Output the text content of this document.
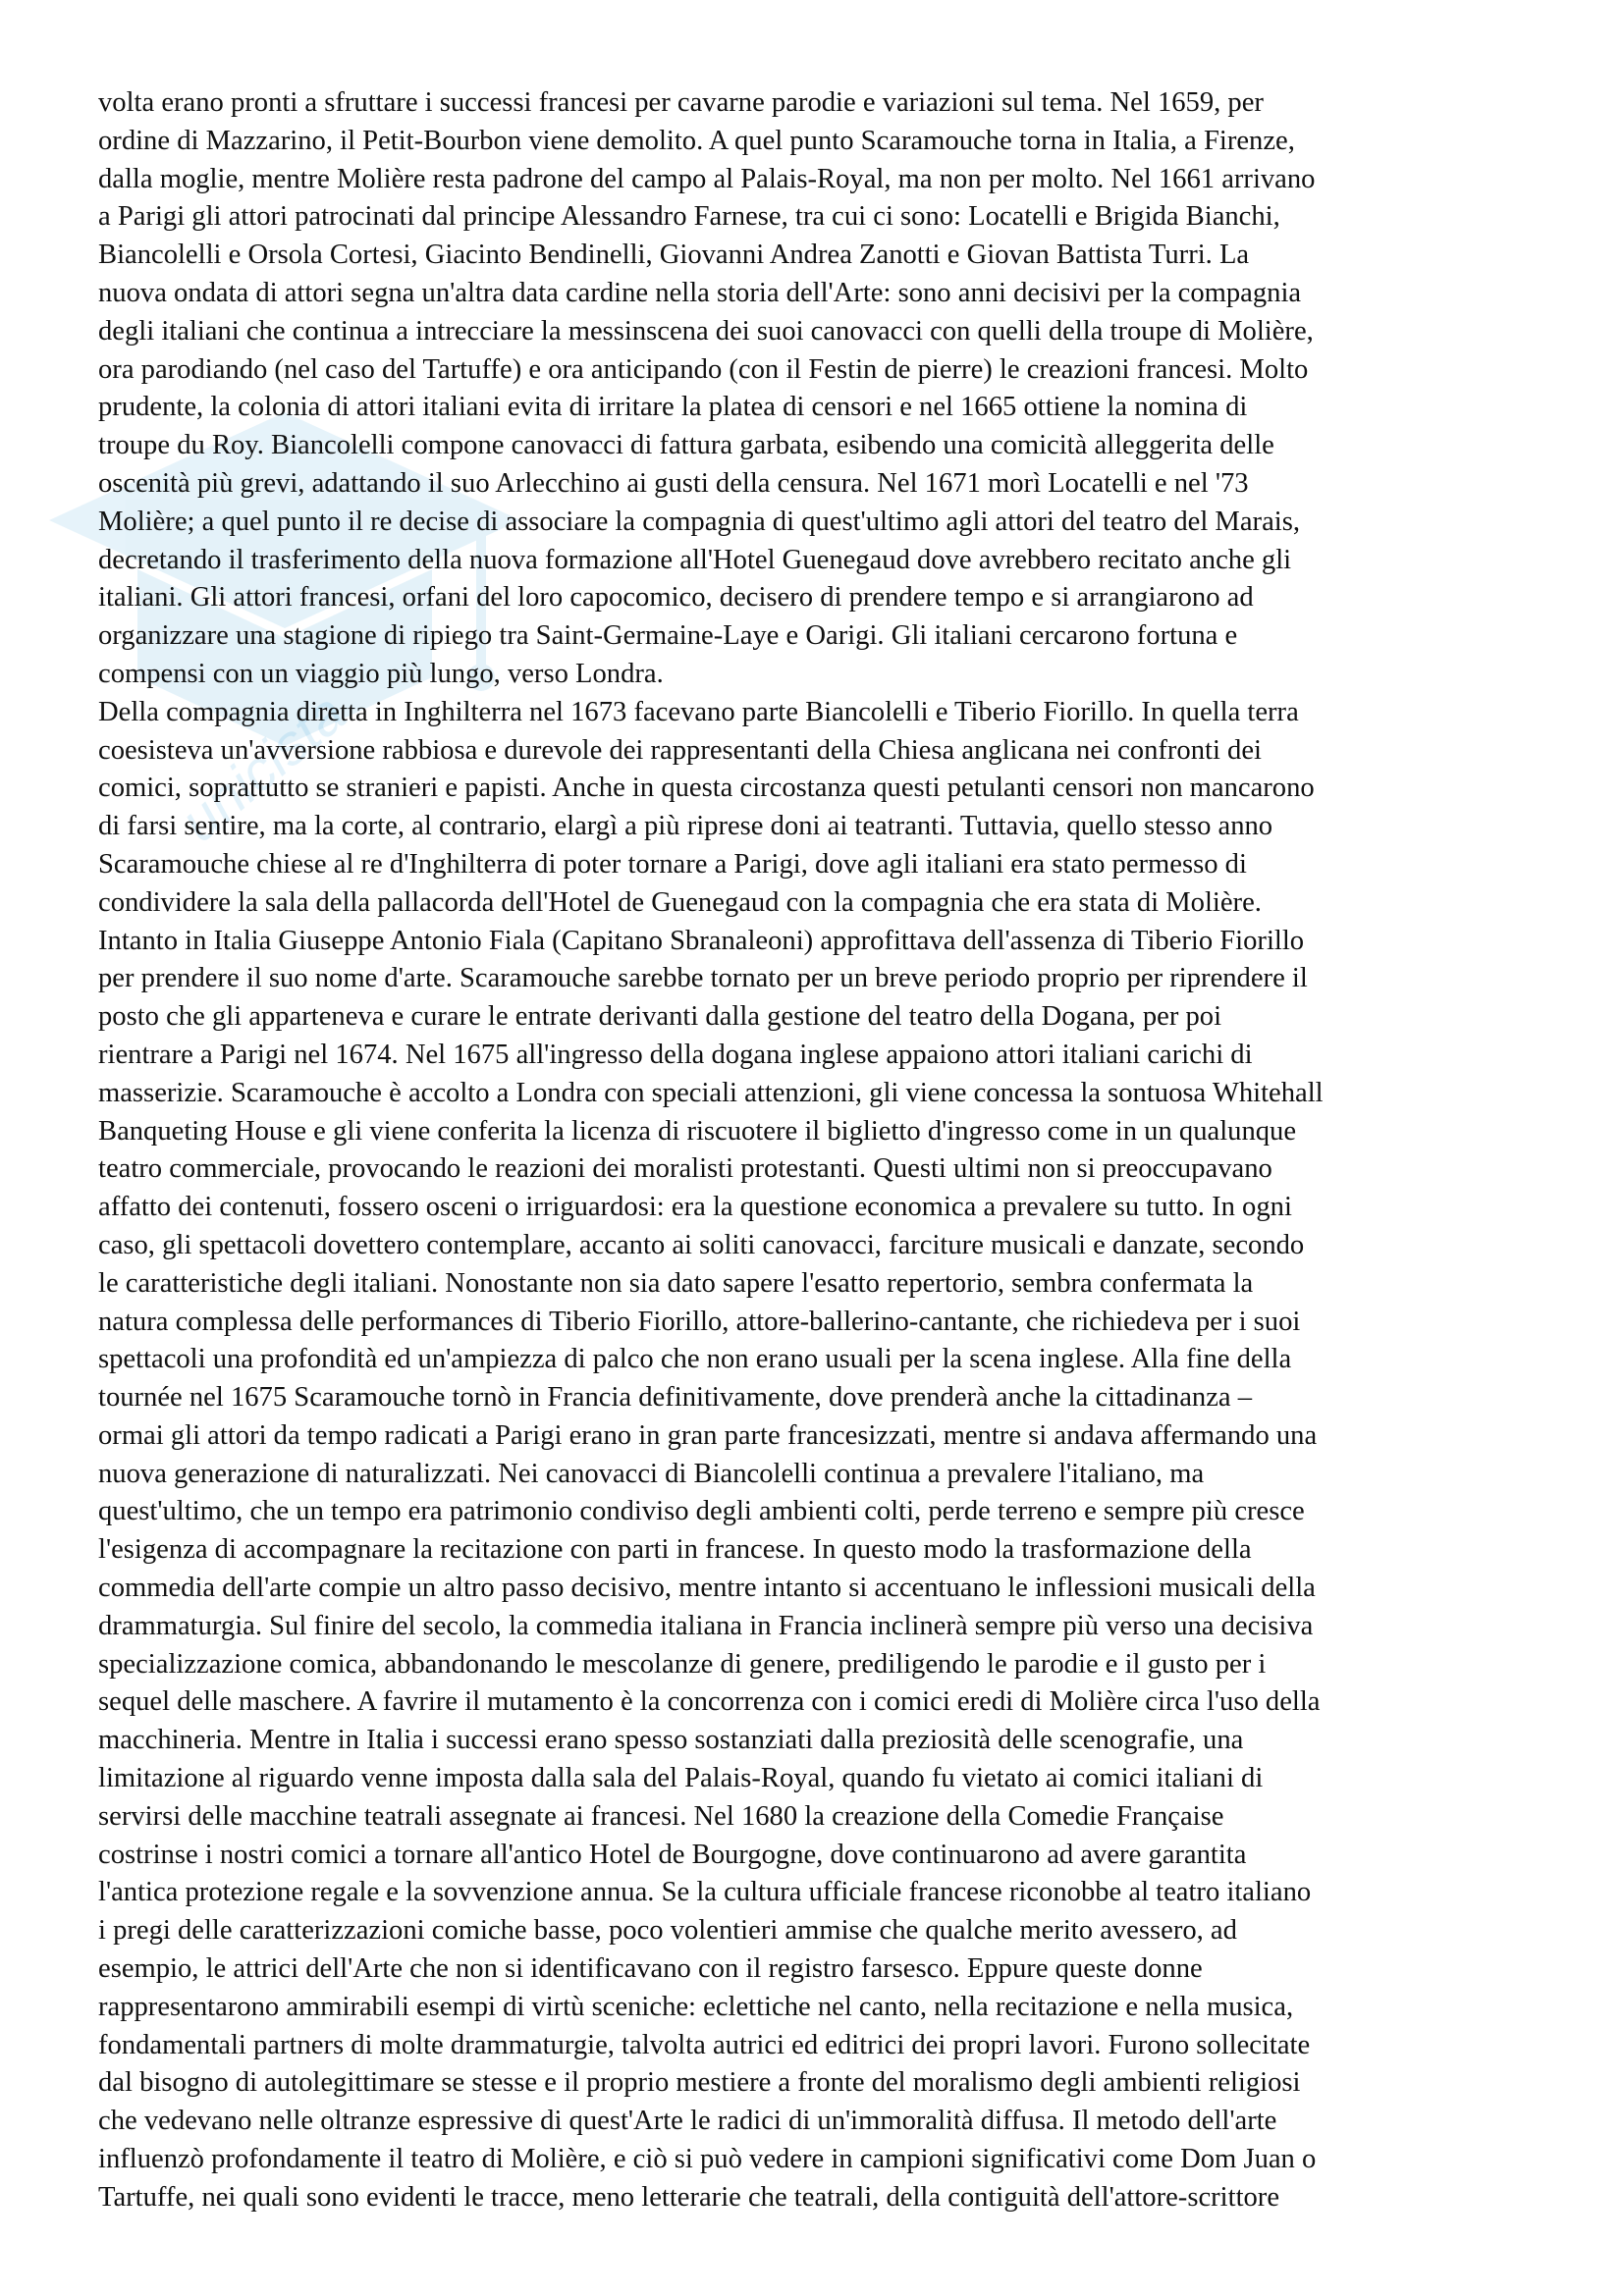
unicista
volta erano pronti a sfruttare i successi francesi per cavarne parodie e variazioni sul tema. Nel 1659, per
ordine di Mazzarino, il Petit-Bourbon viene demolito. A quel punto Scaramouche torna in Italia, a Firenze,
dalla moglie, mentre Molière resta padrone del campo al Palais-Royal, ma non per molto. Nel 1661 arrivano
a Parigi gli attori patrocinati dal principe Alessandro Farnese, tra cui ci sono: Locatelli e Brigida Bianchi,
Biancolelli e Orsola Cortesi, Giacinto Bendinelli, Giovanni Andrea Zanotti e Giovan Battista Turri. La
nuova ondata di attori segna un'altra data cardine nella storia dell'Arte: sono anni decisivi per la compagnia
degli italiani che continua a intrecciare la messinscena dei suoi canovacci con quelli della troupe di Molière,
ora parodiando (nel caso del Tartuffe) e ora anticipando (con il Festin de pierre) le creazioni francesi. Molto
prudente, la colonia di attori italiani evita di irritare la platea di censori e nel 1665 ottiene la nomina di
troupe du Roy. Biancolelli compone canovacci di fattura garbata, esibendo una comicità alleggerita delle
oscenità più grevi, adattando il suo Arlecchino ai gusti della censura. Nel 1671 morì Locatelli e nel '73
Molière; a quel punto il re decise di associare la compagnia di quest'ultimo agli attori del teatro del Marais,
decretando il trasferimento della nuova formazione all'Hotel Guenegaud dove avrebbero recitato anche gli
italiani. Gli attori francesi, orfani del loro capocomico, decisero di prendere tempo e si arrangiarono ad
organizzare una stagione di ripiego tra Saint-Germaine-Laye e Oarigi. Gli italiani cercarono fortuna e
compensi con un viaggio più lungo, verso Londra.
Della compagnia diretta in Inghilterra nel 1673 facevano parte Biancolelli e Tiberio Fiorillo. In quella terra
coesisteva un'avversione rabbiosa e durevole dei rappresentanti della Chiesa anglicana nei confronti dei
comici, soprattutto se stranieri e papisti. Anche in questa circostanza questi petulanti censori non mancarono
di farsi sentire, ma la corte, al contrario, elargì a più riprese doni ai teatranti. Tuttavia, quello stesso anno
Scaramouche chiese al re d'Inghilterra di poter tornare a Parigi, dove agli italiani era stato permesso di
condividere la sala della pallacorda dell'Hotel de Guenegaud con la compagnia che era stata di Molière.
Intanto in Italia Giuseppe Antonio Fiala (Capitano Sbranaleoni) approfittava dell'assenza di Tiberio Fiorillo
per prendere il suo nome d'arte. Scaramouche sarebbe tornato per un breve periodo proprio per riprendere il
posto che gli apparteneva e curare le entrate derivanti dalla gestione del teatro della Dogana, per poi
rientrare a Parigi nel 1674. Nel 1675 all'ingresso della dogana inglese appaiono attori italiani carichi di
masserizie. Scaramouche è accolto a Londra con speciali attenzioni, gli viene concessa la sontuosa Whitehall
Banqueting House e gli viene conferita la licenza di riscuotere il biglietto d'ingresso come in un qualunque
teatro commerciale, provocando le reazioni dei moralisti protestanti. Questi ultimi non si preoccupavano
affatto dei contenuti, fossero osceni o irriguardosi: era la questione economica a prevalere su tutto. In ogni
caso, gli spettacoli dovettero contemplare, accanto ai soliti canovacci, farciture musicali e danzate, secondo
le caratteristiche degli italiani. Nonostante non sia dato sapere l'esatto repertorio, sembra confermata la
natura complessa delle performances di Tiberio Fiorillo, attore-ballerino-cantante, che richiedeva per i suoi
spettacoli una profondità ed un'ampiezza di palco che non erano usuali per la scena inglese. Alla fine della
tournée nel 1675 Scaramouche tornò in Francia definitivamente, dove prenderà anche la cittadinanza –
ormai gli attori da tempo radicati a Parigi erano in gran parte francesizzati, mentre si andava affermando una
nuova generazione di naturalizzati. Nei canovacci di Biancolelli continua a prevalere l'italiano, ma
quest'ultimo, che un tempo era patrimonio condiviso degli ambienti colti, perde terreno e sempre più cresce
l'esigenza di accompagnare la recitazione con parti in francese. In questo modo la trasformazione della
commedia dell'arte compie un altro passo decisivo, mentre intanto si accentuano le inflessioni musicali della
drammaturgia. Sul finire del secolo, la commedia italiana in Francia inclinerà sempre più verso una decisiva
specializzazione comica, abbandonando le mescolanze di genere, prediligendo le parodie e il gusto per i
sequel delle maschere. A favrire il mutamento è la concorrenza con i comici eredi di Molière circa l'uso della
macchineria. Mentre in Italia i successi erano spesso sostanziati dalla preziosità delle scenografie, una
limitazione al riguardo venne imposta dalla sala del Palais-Royal, quando fu vietato ai comici italiani di
servirsi delle macchine teatrali assegnate ai francesi. Nel 1680 la creazione della Comedie Française
costrinse i nostri comici a tornare all'antico Hotel de Bourgogne, dove continuarono ad avere garantita
l'antica protezione regale e la sovvenzione annua. Se la cultura ufficiale francese riconobbe al teatro italiano
i pregi delle caratterizzazioni comiche basse, poco volentieri ammise che qualche merito avessero, ad
esempio, le attrici dell'Arte che non si identificavano con il registro farsesco. Eppure queste donne
rappresentarono ammirabili esempi di virtù sceniche: eclettiche nel canto, nella recitazione e nella musica,
fondamentali partners di molte drammaturgie, talvolta autrici ed editrici dei propri lavori. Furono sollecitate
dal bisogno di autolegittimare se stesse e il proprio mestiere a fronte del moralismo degli ambienti religiosi
che vedevano nelle oltranze espressive di quest'Arte le radici di un'immoralità diffusa. Il metodo dell'arte
influenzò profondamente il teatro di Molière, e ciò si può vedere in campioni significativi come Dom Juan o
Tartuffe, nei quali sono evidenti le tracce, meno letterarie che teatrali, della contiguità dell'attore-scrittore
